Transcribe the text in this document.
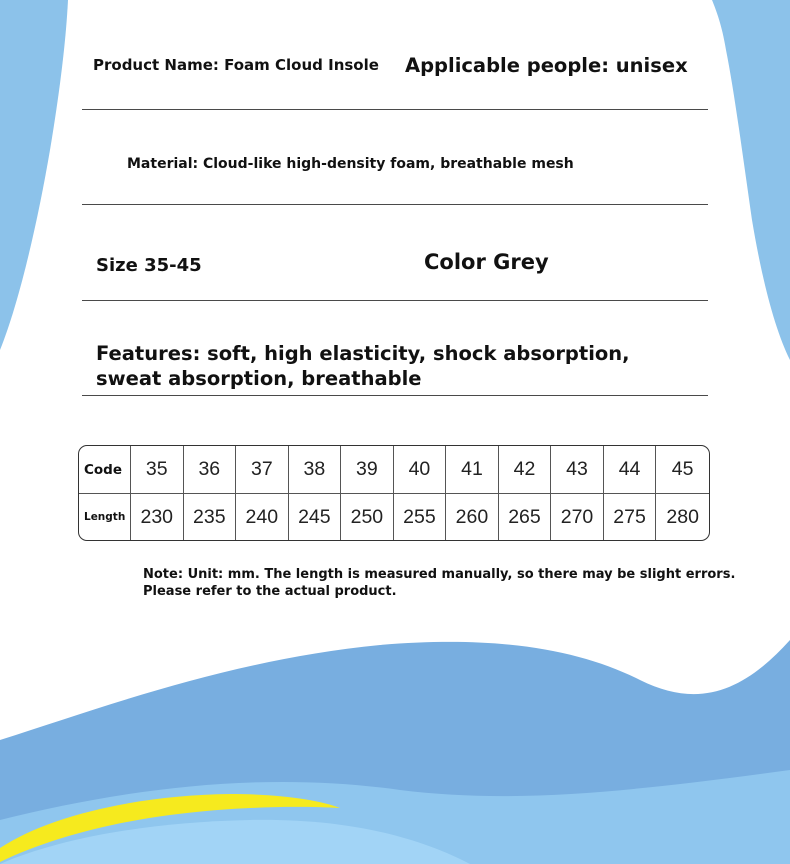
Product Name: Foam Cloud Insole Applicable people: unisex
Material: Cloud-like high-density foam, breathable mesh
Size 35-45	Color Grey
Features: soft, high elasticity, shock absorption,
sweat absorption, breathable
Code	35	36	37	38	39	40	41	42	43	44	45
Length	230	235	240	245	250	255	260	265	270	275	280
Note: Unit: mm. The length is measured manually, so there may be slight errors.
Please refer to the actual product.
